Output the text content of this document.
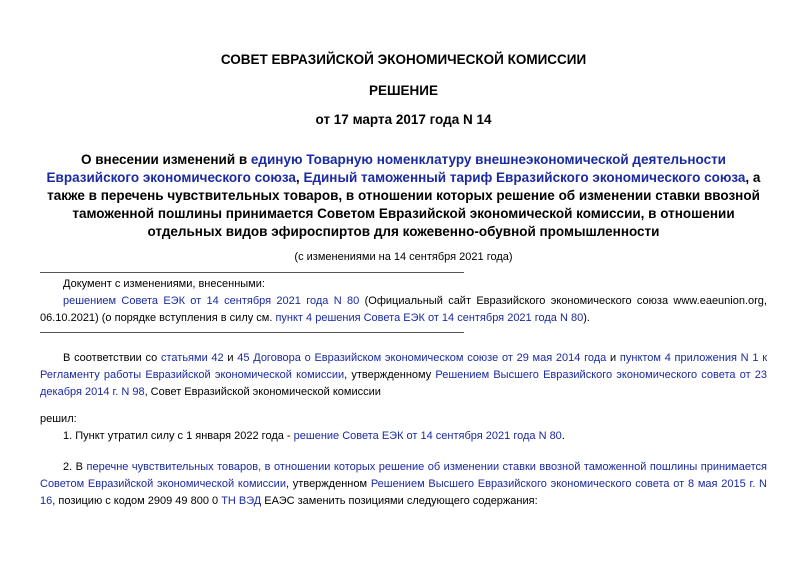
СОВЕТ ЕВРАЗИЙСКОЙ ЭКОНОМИЧЕСКОЙ КОМИССИИ
РЕШЕНИЕ
от 17 марта 2017 года N 14
О внесении изменений в единую Товарную номенклатуру внешнеэкономической деятельности Евразийского экономического союза, Единый таможенный тариф Евразийского экономического союза, а также в перечень чувствительных товаров, в отношении которых решение об изменении ставки ввозной таможенной пошлины принимается Советом Евразийской экономической комиссии, в отношении отдельных видов эфироспиртов для кожевенно-обувной промышленности
(с изменениями на 14 сентября 2021 года)
Документ с изменениями, внесенными:
решением Совета ЕЭК от 14 сентября 2021 года N 80 (Официальный сайт Евразийского экономического союза www.eaeunion.org, 06.10.2021) (о порядке вступления в силу см. пункт 4 решения Совета ЕЭК от 14 сентября 2021 года N 80).
В соответствии со статьями 42 и 45 Договора о Евразийском экономическом союзе от 29 мая 2014 года и пунктом 4 приложения N 1 к Регламенту работы Евразийской экономической комиссии, утвержденному Решением Высшего Евразийского экономического совета от 23 декабря 2014 г. N 98, Совет Евразийской экономической комиссии
решил:
1. Пункт утратил силу с 1 января 2022 года - решение Совета ЕЭК от 14 сентября 2021 года N 80.
2. В перечне чувствительных товаров, в отношении которых решение об изменении ставки ввозной таможенной пошлины принимается Советом Евразийской экономической комиссии, утвержденном Решением Высшего Евразийского экономического совета от 8 мая 2015 г. N 16, позицию с кодом 2909 49 800 0 ТН ВЭД ЕАЭС заменить позициями следующего содержания:
